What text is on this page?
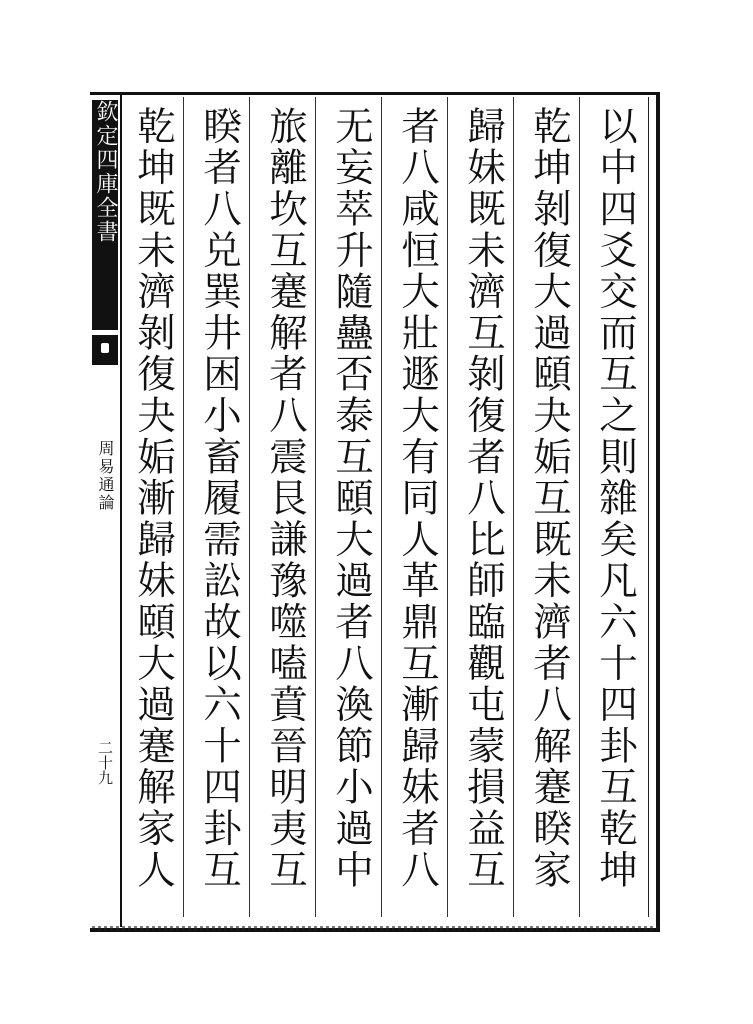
欽定四庫全書
周易通論
二十九
以中四爻交而互之則雜矣凡六十四卦互乾坤
乾坤剝復大過頤夬姤互既未濟者八解蹇睽家
歸妹既未濟互剝復者八比師臨觀屯蒙損益互
者八咸恒大壯遯大有同人革鼎互漸歸妹者八
无妄萃升隨蠱否泰互頤大過者八渙節小過中
旅離坎互蹇解者八震艮謙豫噬嗑賁晉明夷互
睽者八兑巽井困小畜履需訟故以六十四卦互
乾坤既未濟剝復夬姤漸歸妹頤大過蹇解家人
